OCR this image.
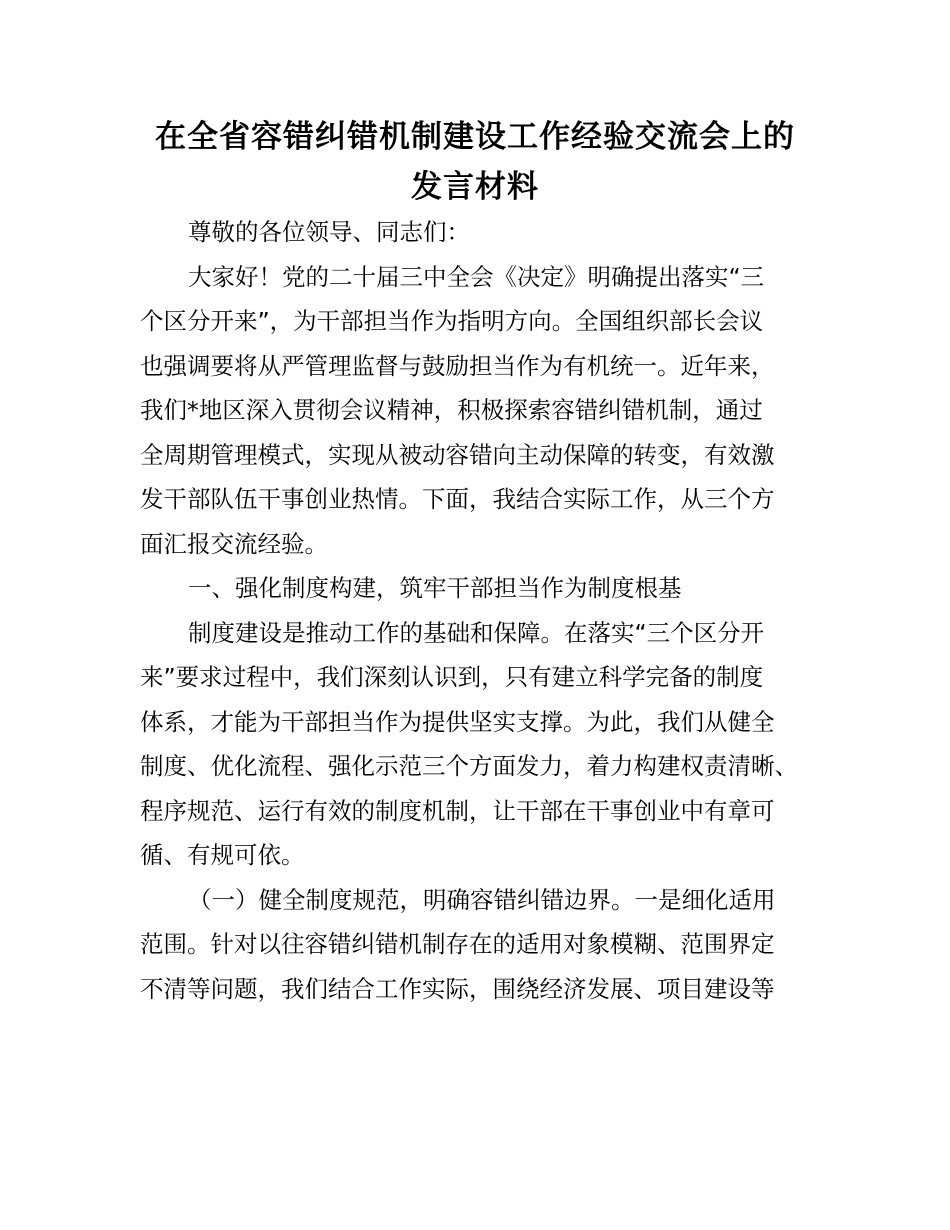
在全省容错纠错机制建设工作经验交流会上的
发言材料

尊敬的各位领导、同志们：

大家好！党的二十届三中全会《决定》明确提出落实“三
个区分开来”，为干部担当作为指明方向。全国组织部长会议
也强调要将从严管理监督与鼓励担当作为有机统一。近年来，
我们*地区深入贯彻会议精神，积极探索容错纠错机制，通过
全周期管理模式，实现从被动容错向主动保障的转变，有效激
发干部队伍干事创业热情。下面，我结合实际工作，从三个方
面汇报交流经验。

一、强化制度构建，筑牢干部担当作为制度根基

制度建设是推动工作的基础和保障。在落实“三个区分开
来”要求过程中，我们深刻认识到，只有建立科学完备的制度
体系，才能为干部担当作为提供坚实支撑。为此，我们从健全
制度、优化流程、强化示范三个方面发力，着力构建权责清晰、
程序规范、运行有效的制度机制，让干部在干事创业中有章可
循、有规可依。

（一）健全制度规范，明确容错纠错边界。一是细化适用
范围。针对以往容错纠错机制存在的适用对象模糊、范围界定
不清等问题，我们结合工作实际，围绕经济发展、项目建设等
